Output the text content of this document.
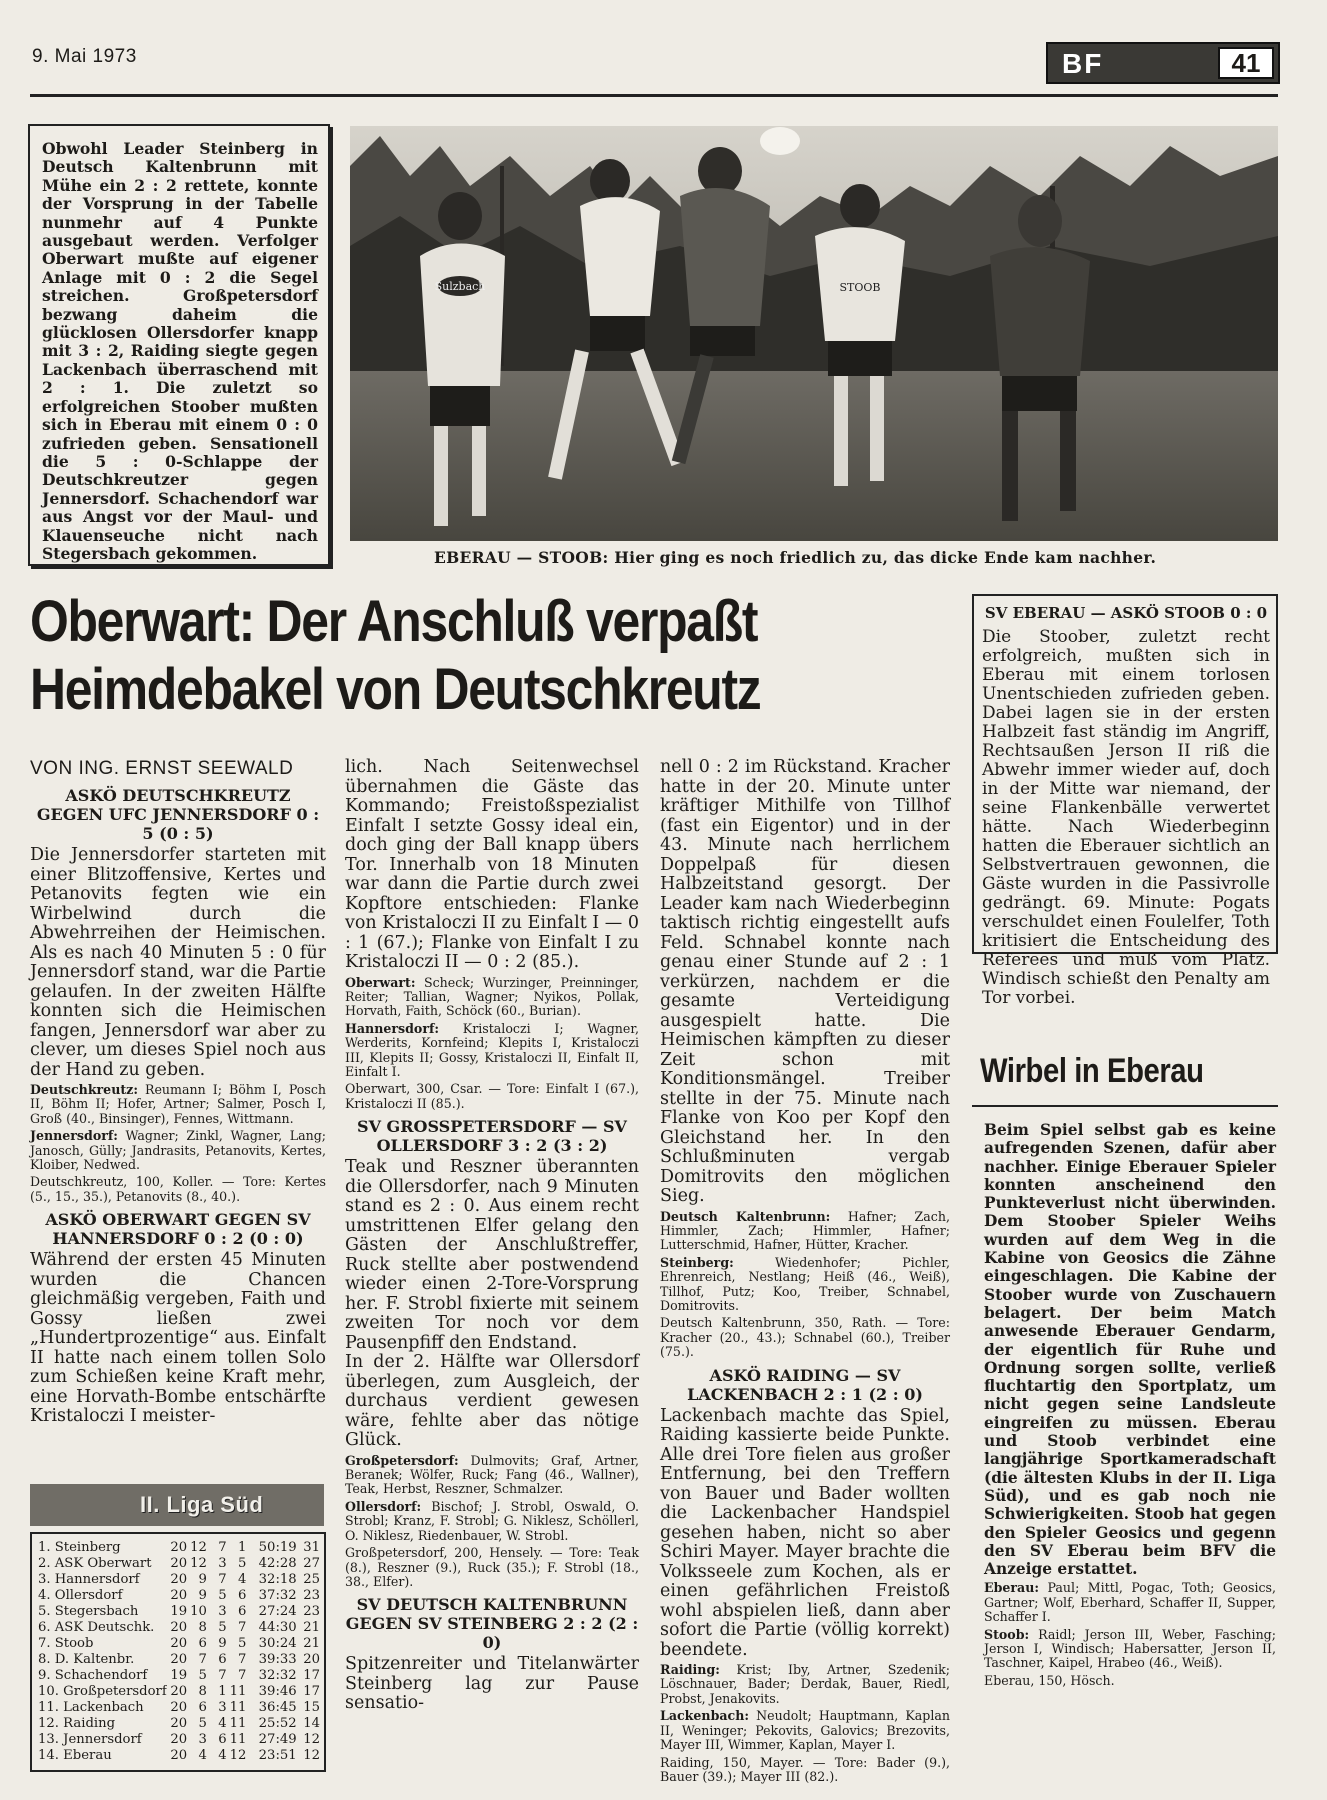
9. Mai 1973	BF	41

Obwohl Leader Steinberg in Deutsch Kaltenbrunn mit Mühe ein 2 : 2 rettete, konnte der Vorsprung in der Tabelle nunmehr auf 4 Punkte ausgebaut werden. Verfolger Oberwart mußte auf eigener Anlage mit 0 : 2 die Segel streichen. Großpetersdorf bezwang daheim die glücklosen Ollersdorfer knapp mit 3 : 2, Raiding siegte gegen Lackenbach überraschend mit 2 : 1. Die zuletzt so erfolgreichen Stoober mußten sich in Eberau mit einem 0 : 0 zufrieden geben. Sensationell die 5 : 0-Schlappe der Deutschkreutzer gegen Jennersdorf. Schachendorf war aus Angst vor der Maul- und Klauenseuche nicht nach Stegersbach gekommen.

Sulzbach	STOOB
EBERAU — STOOB: Hier ging es noch friedlich zu, das dicke Ende kam nachher.
Oberwart: Der Anschluß verpaßt
Heimdebakel von Deutschkreutz
VON ING. ERNST SEEWALD
ASKÖ DEUTSCHKREUTZ GEGEN UFC JENNERSDORF 0 : 5 (0 : 5)

Die Jennersdorfer starteten mit einer Blitzoffensive, Kertes und Petanovits fegten wie ein Wirbelwind durch die Abwehrreihen der Heimischen. Als es nach 40 Minuten 5 : 0 für Jennersdorf stand, war die Partie gelaufen. In der zweiten Hälfte konnten sich die Heimischen fangen, Jennersdorf war aber zu clever, um dieses Spiel noch aus der Hand zu geben.

Deutschkreutz: Reumann I; Böhm I, Posch II, Böhm II; Hofer, Artner; Salmer, Posch I, Groß (40., Binsinger), Fennes, Wittmann.

Jennersdorf: Wagner; Zinkl, Wagner, Lang; Janosch, Gülly; Jandrasits, Petanovits, Kertes, Kloiber, Nedwed.

Deutschkreutz, 100, Koller. — Tore: Kertes (5., 15., 35.), Petanovits (8., 40.).

ASKÖ OBERWART GEGEN SV HANNERSDORF 0 : 2 (0 : 0)

Während der ersten 45 Minuten wurden die Chancen gleichmäßig vergeben, Faith und Gossy ließen zwei „Hundertprozentige“ aus. Einfalt II hatte nach einem tollen Solo zum Schießen keine Kraft mehr, eine Horvath-Bombe entschärfte Kristaloczi I meister-

II. Liga Süd
1. Steinberg	20 12 7 1 50:19 31
2. ASK Oberwart	20 12 3 5 42:28 27
3. Hannersdorf	20 9 7 4 32:18 25
4. Ollersdorf	20 9 5 6 37:32 23
5. Stegersbach	19 10 3 6 27:24 23
6. ASK Deutschk.	20 8 5 7 44:30 21
7. Stoob	20 6 9 5 30:24 21
8. D. Kaltenbr.	20 7 6 7 39:33 20
9. Schachendorf	19 5 7 7 32:32 17
10. Großpetersdorf 20 8 1 11 39:46 17
11. Lackenbach	20 6 3 11 36:45 15
12. Raiding	20 5 4 11 25:52 14
13. Jennersdorf	20 3 6 11 27:49 12
14. Eberau	20 4 4 12 23:51 12

lich. Nach Seitenwechsel übernahmen die Gäste das Kommando; Freistoßspezialist Einfalt I setzte Gossy ideal ein, doch ging der Ball knapp übers Tor. Innerhalb von 18 Minuten war dann die Partie durch zwei Kopftore entschieden: Flanke von Kristaloczi II zu Einfalt I — 0 : 1 (67.); Flanke von Einfalt I zu Kristaloczi II — 0 : 2 (85.).

Oberwart: Scheck; Wurzinger, Preinninger, Reiter; Tallian, Wagner; Nyikos, Pollak, Horvath, Faith, Schöck (60., Burian).

Hannersdorf: Kristaloczi I; Wagner, Werderits, Kornfeind; Klepits I, Kristaloczi III, Klepits II; Gossy, Kristaloczi II, Einfalt II, Einfalt I.

Oberwart, 300, Csar. — Tore: Einfalt I (67.), Kristaloczi II (85.).

SV GROSSPETERSDORF — SV OLLERSDORF 3 : 2 (3 : 2)

Teak und Reszner überannten die Ollersdorfer, nach 9 Minuten stand es 2 : 0. Aus einem recht umstrittenen Elfer gelang den Gästen der Anschlußtreffer, Ruck stellte aber postwendend wieder einen 2-Tore-Vorsprung her. F. Strobl fixierte mit seinem zweiten Tor noch vor dem Pausenpfiff den Endstand.

In der 2. Hälfte war Ollersdorf überlegen, zum Ausgleich, der durchaus verdient gewesen wäre, fehlte aber das nötige Glück.

Großpetersdorf: Dulmovits; Graf, Artner, Beranek; Wölfer, Ruck; Fang (46., Wallner), Teak, Herbst, Reszner, Schmalzer.

Ollersdorf: Bischof; J. Strobl, Oswald, O. Strobl; Kranz, F. Strobl; G. Niklesz, Schöllerl, O. Niklesz, Riedenbauer, W. Strobl.

Großpetersdorf, 200, Hensely. — Tore: Teak (8.), Reszner (9.), Ruck (35.); F. Strobl (18., 38., Elfer).

SV DEUTSCH KALTENBRUNN GEGEN SV STEINBERG 2 : 2 (2 : 0)

Spitzenreiter und Titelanwärter Steinberg lag zur Pause sensatio-

nell 0 : 2 im Rückstand. Kracher hatte in der 20. Minute unter kräftiger Mithilfe von Tillhof (fast ein Eigentor) und in der 43. Minute nach herrlichem Doppelpaß für diesen Halbzeitstand gesorgt. Der Leader kam nach Wiederbeginn taktisch richtig eingestellt aufs Feld. Schnabel konnte nach genau einer Stunde auf 2 : 1 verkürzen, nachdem er die gesamte Verteidigung ausgespielt hatte. Die Heimischen kämpften zu dieser Zeit schon mit Konditionsmängel. Treiber stellte in der 75. Minute nach Flanke von Koo per Kopf den Gleichstand her. In den Schlußminuten vergab Domitrovits den möglichen Sieg.

Deutsch Kaltenbrunn: Hafner; Zach, Himmler, Zach; Himmler, Hafner; Lutterschmid, Hafner, Hütter, Kracher.

Steinberg:	Wiedenhofer; Pichler, Ehrenreich, Nestlang; Heiß (46., Weiß), Tillhof, Putz; Koo, Treiber, Schnabel, Domitrovits.

Deutsch Kaltenbrunn, 350, Rath. — Tore: Kracher (20., 43.); Schnabel (60.), Treiber (75.).

ASKÖ RAIDING — SV LACKENBACH 2 : 1 (2 : 0)

Lackenbach machte das Spiel, Raiding kassierte beide Punkte. Alle drei Tore fielen aus großer Entfernung, bei den Treffern von Bauer und Bader wollten die Lackenbacher Handspiel gesehen haben, nicht so aber Schiri Mayer. Mayer brachte die Volksseele zum Kochen, als er einen gefährlichen Freistoß wohl abspielen ließ, dann aber sofort die Partie (völlig korrekt) beendete.

Raiding: Krist; Iby, Artner, Szedenik; Löschnauer, Bader; Derdak, Bauer, Riedl, Probst, Jenakovits.

Lackenbach: Neudolt; Hauptmann, Kaplan II, Weninger; Pekovits, Galovics; Brezovits, Mayer III, Wimmer, Kaplan, Mayer I.

Raiding, 150, Mayer. — Tore: Bader (9.), Bauer (39.); Mayer III (82.).

SV EBERAU — ASKÖ STOOB 0 : 0

Die Stoober, zuletzt recht erfolgreich, mußten sich in Eberau mit einem torlosen Unentschieden zufrieden geben. Dabei lagen sie in der ersten Halbzeit fast ständig im Angriff, Rechtsaußen Jerson II riß die Abwehr immer wieder auf, doch in der Mitte war niemand, der seine Flankenbälle verwertet hätte. Nach Wiederbeginn hatten die Eberauer sichtlich an Selbstvertrauen gewonnen, die Gäste wurden in die Passivrolle gedrängt. 69. Minute: Pogats verschuldet einen Foulelfer, Toth kritisiert die Entscheidung des Referees und muß vom Platz. Windisch schießt den Penalty am Tor vorbei.

Wirbel in Eberau

Beim Spiel selbst gab es keine aufregenden Szenen, dafür aber nachher. Einige Eberauer Spieler konnten anscheinend den Punkteverlust nicht überwinden. Dem Stoober Spieler Weihs wurden auf dem Weg in die Kabine von Geosics die Zähne eingeschlagen. Die Kabine der Stoober wurde von Zuschauern belagert. Der beim Match anwesende Eberauer Gendarm, der eigentlich für Ruhe und Ordnung sorgen sollte, verließ fluchtartig den Sportplatz, um nicht gegen seine Landsleute eingreifen zu müssen. Eberau und Stoob verbindet eine langjährige Sportkameradschaft (die ältesten Klubs in der II. Liga Süd), und es gab noch nie Schwierigkeiten. Stoob hat gegen den Spieler Geosics und gegenn den SV Eberau beim BFV die Anzeige erstattet.

Eberau: Paul; Mittl, Pogac, Toth; Geosics, Gartner; Wolf, Eberhard, Schaffer II, Supper, Schaffer I.

Stoob: Raidl; Jerson III, Weber, Fasching; Jerson I, Windisch; Habersatter, Jerson II, Taschner, Kaipel, Hrabeo (46., Weiß).

Eberau, 150, Hösch.
